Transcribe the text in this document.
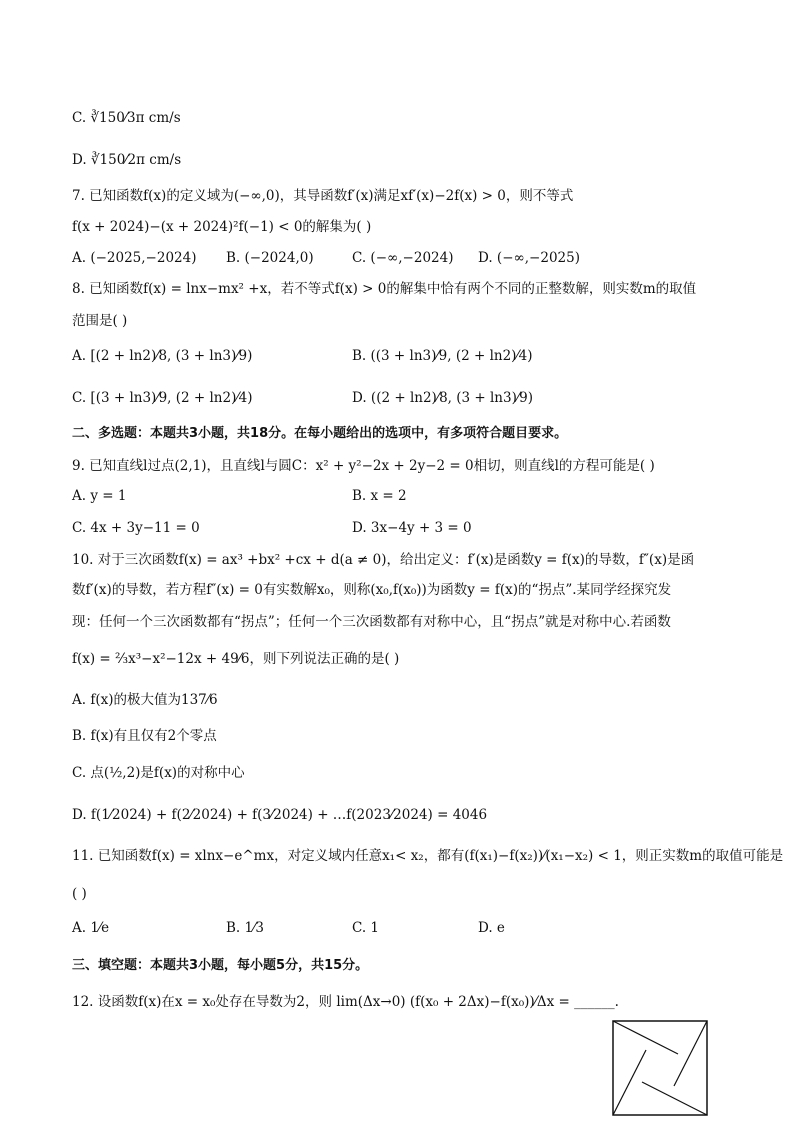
C. ∛150⁄3π cm/s
D. ∛150⁄2π cm/s
7. 已知函数f(x)的定义域为(−∞,0)，其导函数f′(x)满足xf′(x)−2f(x) > 0，则不等式
f(x + 2024)−(x + 2024)²f(−1) < 0的解集为( )
8. 已知函数f(x) = lnx−mx² +x，若不等式f(x) > 0的解集中恰有两个不同的正整数解，则实数m的取值
范围是( )
9. 已知直线l过点(2,1)，且直线l与圆C：x² + y²−2x + 2y−2 = 0相切，则直线l的方程可能是( )
10. 对于三次函数f(x) = ax³ +bx² +cx + d(a ≠ 0)，给出定义：f′(x)是函数y = f(x)的导数，f″(x)是函
数f′(x)的导数，若方程f″(x) = 0有实数解x₀，则称(x₀,f(x₀))为函数y = f(x)的“拐点”.某同学经探究发
现：任何一个三次函数都有“拐点”；任何一个三次函数都有对称中心，且“拐点”就是对称中心.若函数
f(x) = ⅔x³−x²−12x + 49⁄6，则下列说法正确的是( )
A. f(x)的极大值为137⁄6
B. f(x)有且仅有2个零点
C. 点(½,2)是f(x)的对称中心
D. f(1⁄2024) + f(2⁄2024) + f(3⁄2024) + …f(2023⁄2024) = 4046
11. 已知函数f(x) = xlnx−e^mx，对定义域内任意x₁< x₂，都有(f(x₁)−f(x₂))⁄(x₁−x₂) < 1，则正实数m的取值可能是
( )
12. 设函数f(x)在x = x₀处存在导数为2，则 lim(Δx→0) (f(x₀ + 2Δx)−f(x₀))⁄Δx = ______.
二、多选题：本题共3小题，共18分。在每小题给出的选项中，有多项符合题目要求。
三、填空题：本题共3小题，每小题5分，共15分。
A. (−2025,−2024) B. (−2024,0)	C. (−∞,−2024) D. (−∞,−2025)
A. [(2 + ln2)⁄8, (3 + ln3)⁄9)	B. ((3 + ln3)⁄9, (2 + ln2)⁄4)
C. [(3 + ln3)⁄9, (2 + ln2)⁄4)	D. ((2 + ln2)⁄8, (3 + ln3)⁄9)
A. y = 1	B. x = 2
C. 4x + 3y−11 = 0	D. 3x−4y + 3 = 0
A. 1⁄e	B. 1⁄3	C. 1	D. e
